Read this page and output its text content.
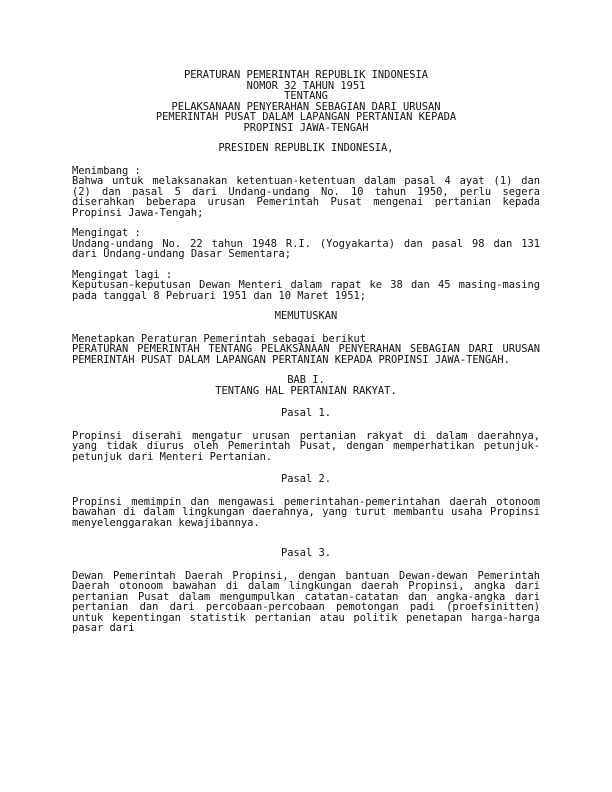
PERATURAN PEMERINTAH REPUBLIK INDONESIA
NOMOR 32 TAHUN 1951
TENTANG
PELAKSANAAN PENYERAHAN SEBAGIAN DARI URUSAN
PEMERINTAH PUSAT DALAM LAPANGAN PERTANIAN KEPADA
PROPINSI JAWA-TENGAH
PRESIDEN REPUBLIK INDONESIA,
Menimbang :
Bahwa untuk melaksanakan ketentuan-ketentuan dalam pasal 4 ayat (1) dan (2) dan pasal 5 dari Undang-undang No. 10 tahun 1950, perlu segera diserahkan beberapa urusan Pemerintah Pusat mengenai pertanian kepada Propinsi Jawa-Tengah;
Mengingat :
Undang-undang No. 22 tahun 1948 R.I. (Yogyakarta) dan pasal 98 dan 131 dari Undang-undang Dasar Sementara;
Mengingat lagi :
Keputusan-keputusan Dewan Menteri dalam rapat ke 38 dan 45 masing-masing pada tanggal 8 Pebruari 1951 dan 10 Maret 1951;
MEMUTUSKAN
Menetapkan Peraturan Pemerintah sebagai berikut
PERATURAN PEMERINTAH TENTANG PELAKSANAAN PENYERAHAN SEBAGIAN DARI URUSAN PEMERINTAH PUSAT DALAM LAPANGAN PERTANIAN KEPADA PROPINSI JAWA-TENGAH.
BAB I.
TENTANG HAL PERTANIAN RAKYAT.
Pasal 1.
Propinsi diserahi mengatur urusan pertanian rakyat di dalam daerahnya, yang tidak diurus oleh Pemerintah Pusat, dengan memperhatikan petunjuk-petunjuk dari Menteri Pertanian.
Pasal 2.
Propinsi memimpin dan mengawasi pemerintahan-pemerintahan daerah otonoom bawahan di dalam lingkungan daerahnya, yang turut membantu usaha Propinsi menyelenggarakan kewajibannya.
Pasal 3.
Dewan Pemerintah Daerah Propinsi, dengan bantuan Dewan-dewan Pemerintah Daerah otonoom bawahan di dalam lingkungan daerah Propinsi, angka dari pertanian Pusat dalam mengumpulkan catatan-catatan dan angka-angka dari pertanian dan dari percobaan-percobaan pemotongan padi (proefsinitten) untuk kepentingan statistik pertanian atau politik penetapan harga-harga pasar dari
